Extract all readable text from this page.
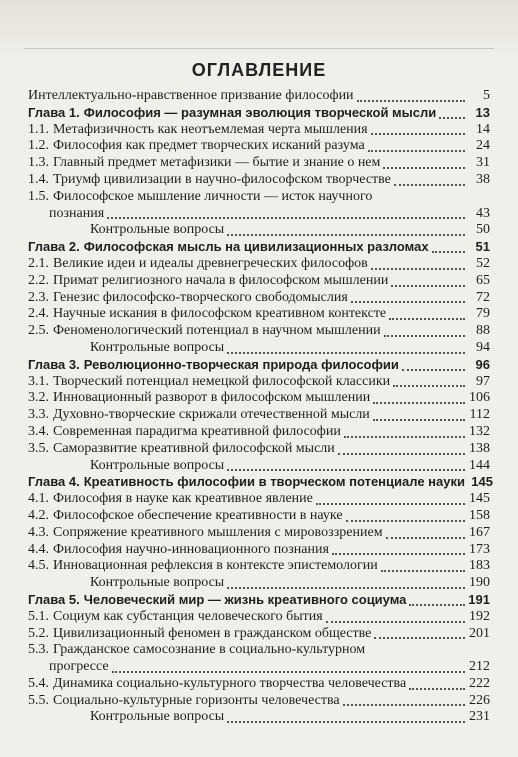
ОГЛАВЛЕНИЕ
Интеллектуально-нравственное призвание философии	5
Глава 1. Философия — разумная эволюция творческой мысли	13
1.1. Метафизичность как неотъемлемая черта мышления	14
1.2. Философия как предмет творческих исканий разума	24
1.3. Главный предмет метафизики — бытие и знание о нем	31
1.4. Триумф цивилизации в научно-философском творчестве	38
1.5. Философское мышление личности — исток научного
познания	43
Контрольные вопросы	50
Глава 2. Философская мысль на цивилизационных разломах	51
2.1. Великие идеи и идеалы древнегреческих философов	52
2.2. Примат религиозного начала в философском мышлении	65
2.3. Генезис философско-творческого свободомыслия	72
2.4. Научные искания в философском креативном контексте	79
2.5. Феноменологический потенциал в научном мышлении	88
Контрольные вопросы	94
Глава 3. Революционно-творческая природа философии	96
3.1. Творческий потенциал немецкой философской классики	97
3.2. Инновационный разворот в философском мышлении	106
3.3. Духовно-творческие скрижали отечественной мысли	112
3.4. Современная парадигма креативной философии	132
3.5. Саморазвитие креативной философской мысли	138
Контрольные вопросы	144
Глава 4. Креативность философии в творческом потенциале науки 145
4.1. Философия в науке как креативное явление	145
4.2. Философское обеспечение креативности в науке	158
4.3. Сопряжение креативного мышления с мировоззрением	167
4.4. Философия научно-инновационного познания	173
4.5. Инновационная рефлексия в контексте эпистемологии	183
Контрольные вопросы	190
Глава 5. Человеческий мир — жизнь креативного социума	191
5.1. Социум как субстанция человеческого бытия	192
5.2. Цивилизационный феномен в гражданском обществе	201
5.3. Гражданское самосознание в социально-культурном
прогрессе	212
5.4. Динамика социально-культурного творчества человечества	222
5.5. Социально-культурные горизонты человечества	226
Контрольные вопросы	231
